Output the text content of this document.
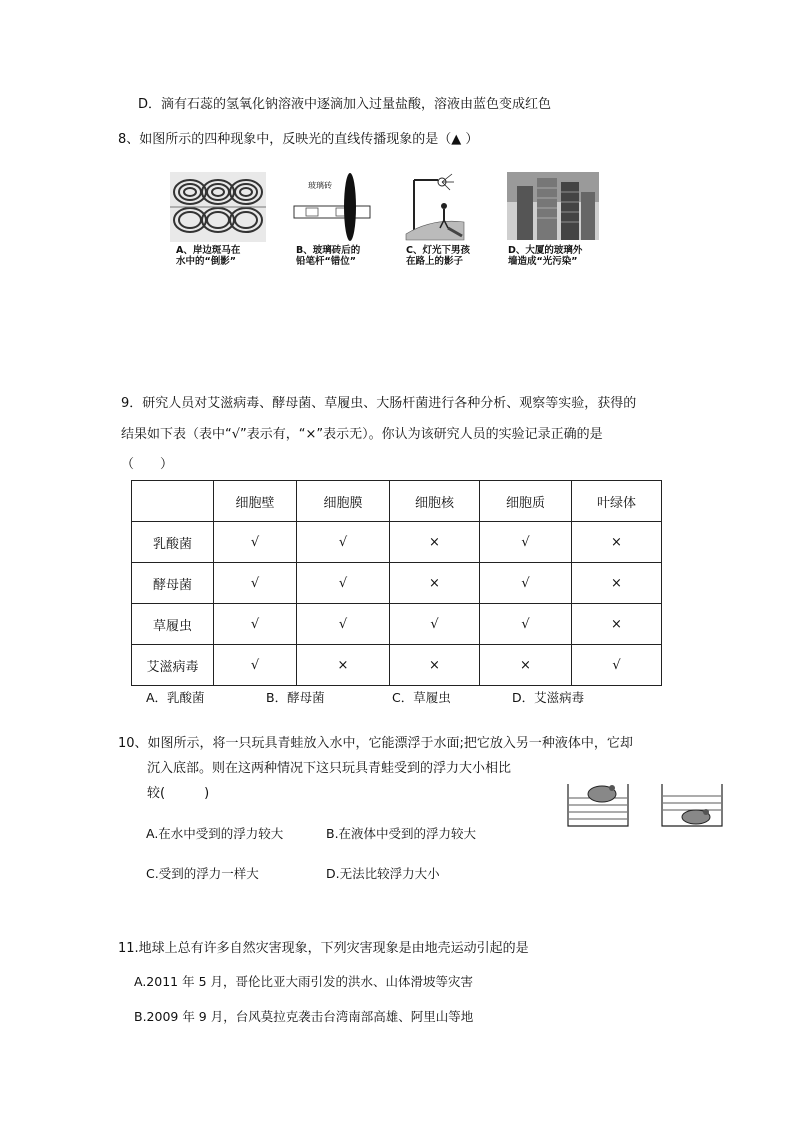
D．滴有石蕊的氢氧化钠溶液中逐滴加入过量盐酸，溶液由蓝色变成红色
8、如图所示的四种现象中，反映光的直线传播现象的是（▲ ）
玻璃砖
A、岸边斑马在
水中的“倒影”
B、玻璃砖后的
铅笔杆“错位”
C、灯光下男孩
在路上的影子
D、大厦的玻璃外
墙造成“光污染”
9．研究人员对艾滋病毒、酵母菌、草履虫、大肠杆菌进行各种分析、观察等实验，获得的
结果如下表（表中“√”表示有，“×”表示无）。你认为该研究人员的实验记录正确的是
（　　）
	细胞壁	细胞膜	细胞核	细胞质	叶绿体
乳酸菌	√	√	×	√	×
酵母菌	√	√	×	√	×
草履虫	√	√	√	√	×
艾滋病毒	√	×	×	×	√
A．乳酸菌	B．酵母菌	C．草履虫	D．艾滋病毒
10、如图所示，将一只玩具青蛙放入水中，它能漂浮于水面;把它放入另一种液体中，它却
沉入底部。则在这两种情况下这只玩具青蛙受到的浮力大小相比
较(　　　)
A.在水中受到的浮力较大	B.在液体中受到的浮力较大
C.受到的浮力一样大	D.无法比较浮力大小
11.地球上总有许多自然灾害现象，下列灾害现象是由地壳运动引起的是
A.2011 年 5 月，哥伦比亚大雨引发的洪水、山体滑坡等灾害
B.2009 年 9 月，台风莫拉克袭击台湾南部高雄、阿里山等地
